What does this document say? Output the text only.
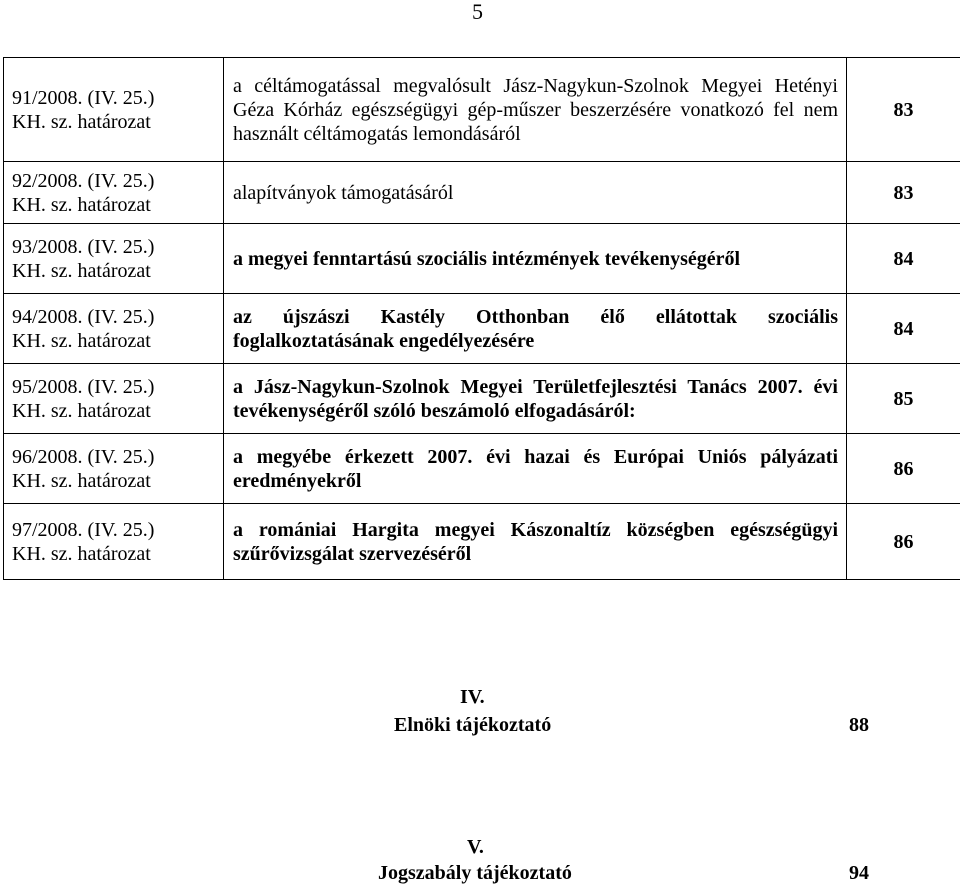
5
91/2008. (IV. 25.)
KH. sz. határozat	a céltámogatással megvalósult Jász-Nagykun-Szolnok Megyei Hetényi Géza Kórház egészségügyi gép-műszer beszerzésére vonatkozó fel nem használt céltámogatás lemondásáról	83

92/2008. (IV. 25.)
KH. sz. határozat	alapítványok támogatásáról	83

93/2008. (IV. 25.)
KH. sz. határozat	a megyei fenntartású szociális intézmények tevékenységéről	84

94/2008. (IV. 25.)
KH. sz. határozat	az újszászi Kastély Otthonban élő ellátottak szociális foglalkoztatásának engedélyezésére	84

95/2008. (IV. 25.)
KH. sz. határozat	a Jász-Nagykun-Szolnok Megyei Területfejlesztési Tanács 2007. évi tevékenységéről szóló beszámoló elfogadásáról:	85

96/2008. (IV. 25.)
KH. sz. határozat	a megyébe érkezett 2007. évi hazai és Európai Uniós pályázati eredményekről	86

97/2008. (IV. 25.)
KH. sz. határozat	a romániai Hargita megyei Kászonaltíz községben egészségügyi szűrővizsgálat szervezéséről	86
IV.
Elnöki tájékoztató	88
V.
Jogszabály tájékoztató	94
